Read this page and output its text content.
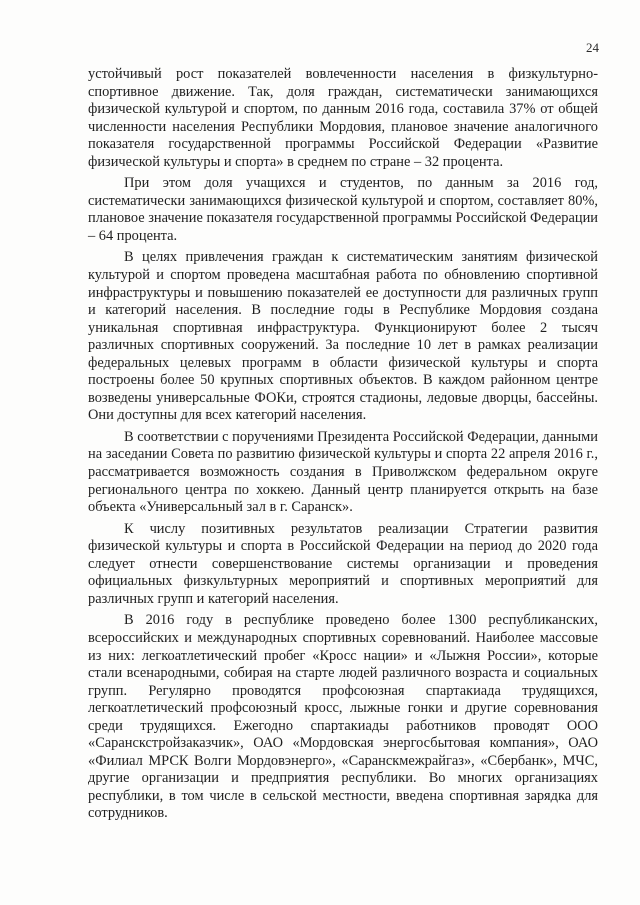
24

устойчивый рост показателей вовлеченности населения в физкультурно-спортивное движение. Так, доля граждан, систематически занимающихся физической культурой и спортом, по данным 2016 года, составила 37% от общей численности населения Республики Мордовия, плановое значение аналогичного показателя государственной программы Российской Федерации «Развитие физической культуры и спорта» в среднем по стране – 32 процента.

При этом доля учащихся и студентов, по данным за 2016 год, систематически занимающихся физической культурой и спортом, составляет 80%, плановое значение показателя государственной программы Российской Федерации – 64 процента.

В целях привлечения граждан к систематическим занятиям физической культурой и спортом проведена масштабная работа по обновлению спортивной инфраструктуры и повышению показателей ее доступности для различных групп и категорий населения. В последние годы в Республике Мордовия создана уникальная спортивная инфраструктура. Функционируют более 2 тысяч различных спортивных сооружений. За последние 10 лет в рамках реализации федеральных целевых программ в области физической культуры и спорта построены более 50 крупных спортивных объектов. В каждом районном центре возведены универсальные ФОКи, строятся стадионы, ледовые дворцы, бассейны. Они доступны для всех категорий населения.

В соответствии с поручениями Президента Российской Федерации, данными на заседании Совета по развитию физической культуры и спорта 22 апреля 2016 г., рассматривается возможность создания в Приволжском федеральном округе регионального центра по хоккею. Данный центр планируется открыть на базе объекта «Универсальный зал в г. Саранск».

К числу позитивных результатов реализации Стратегии развития физической культуры и спорта в Российской Федерации на период до 2020 года следует отнести совершенствование системы организации и проведения официальных физкультурных мероприятий и спортивных мероприятий для различных групп и категорий населения.

В 2016 году в республике проведено более 1300 республиканских, всероссийских и международных спортивных соревнований. Наиболее массовые из них: легкоатлетический пробег «Кросс нации» и «Лыжня России», которые стали всенародными, собирая на старте людей различного возраста и социальных групп. Регулярно проводятся профсоюзная спартакиада трудящихся, легкоатлетический профсоюзный кросс, лыжные гонки и другие соревнования среди трудящихся. Ежегодно спартакиады работников проводят ООО «Саранскстройзаказчик», ОАО «Мордовская энергосбытовая компания», ОАО «Филиал МРСК Волги Мордовэнерго», «Саранскмежрайгаз», «Сбербанк», МЧС, другие организации и предприятия республики. Во многих организациях республики, в том числе в сельской местности, введена спортивная зарядка для сотрудников.
